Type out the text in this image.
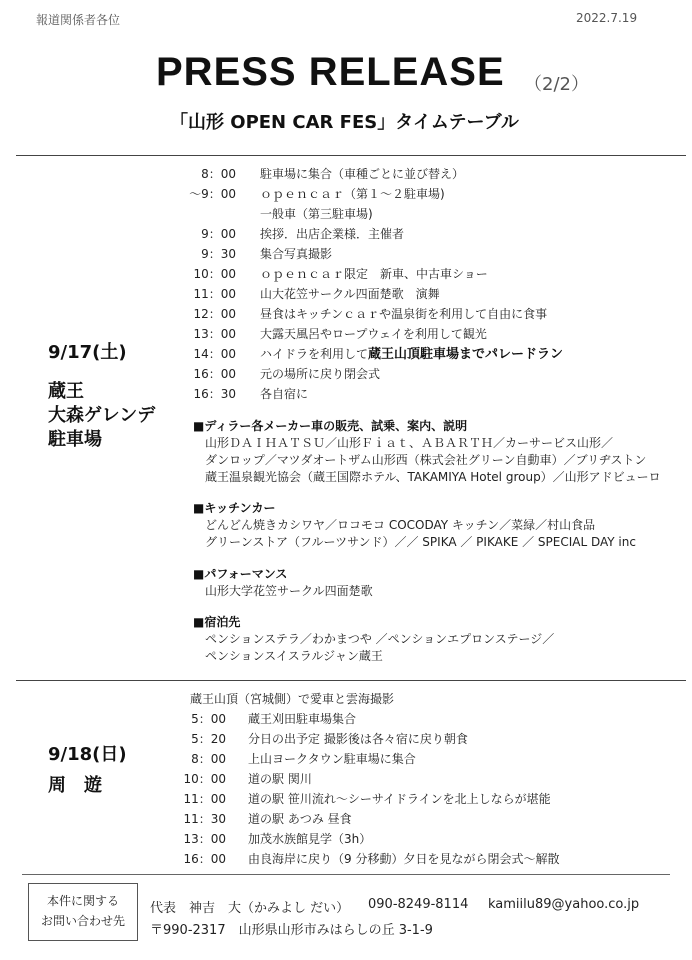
報道関係者各位	2022.7.19
PRESS RELEASE （2/2）
「山形 OPEN CAR FES」タイムテーブル
9/17(土)
蔵王
大森ゲレンデ
駐車場
8：00 駐車場に集合（車種ごとに並び替え）
～9：00 ｏｐｅｎｃａｒ（第１～２駐車場)
一般車（第三駐車場)
9：00 挨拶．出店企業様．主催者
9：30 集合写真撮影
10：00 ｏｐｅｎｃａｒ限定　新車、中古車ショー
11：00 山大花笠サークル四面楚歌　演舞
12：00 昼食はキッチンｃａｒや温泉街を利用して自由に食事
13：00 大露天風呂やロープウェイを利用して観光
14：00 ハイドラを利用して蔵王山頂駐車場までパレードラン
16：00 元の場所に戻り閉会式
16：30 各自宿に
■ディラー各メーカー車の販売、試乗、案内、説明
山形ＤＡＩＨＡＴＳＵ／山形Ｆｉａｔ、ＡＢＡＲＴＨ／カーサービス山形／
ダンロップ／マツダオートザム山形西（株式会社グリーン自動車）／ブリヂストン
蔵王温泉観光協会（蔵王国際ホテル、TAKAMIYA Hotel group）／山形アドビューロ
■キッチンカー
どんどん焼きカシワヤ／ロコモコ COCODAY キッチン／菜緑／村山食品
グリーンストア（フルーツサンド）／／ SPIKA ／ PIKAKE ／ SPECIAL DAY inc
■パフォーマンス
山形大学花笠サークル四面楚歌
■宿泊先
ペンションステラ／わかまつや ／ペンションエプロンステージ／
ペンションスイスラルジャン蔵王
9/18(日)
周　遊
蔵王山頂（宮城側）で愛車と雲海撮影
5：00 蔵王刈田駐車場集合
5：20 分日の出予定 撮影後は各々宿に戻り朝食
8：00 上山ヨークタウン駐車場に集合
10：00 道の駅 関川
11：00 道の駅 笹川流れ～シーサイドラインを北上しならが堪能
11：30 道の駅 あつみ 昼食
13：00 加茂水族館見学（3h）
16：00 由良海岸に戻り（9 分移動）夕日を見ながら閉会式～解散
本件に関する
お問い合わせ先
代表　神吉　大（かみよし だい） 090-8249-8114 kamiilu89@yahoo.co.jp
〒990-2317　山形県山形市みはらしの丘 3-1-9
